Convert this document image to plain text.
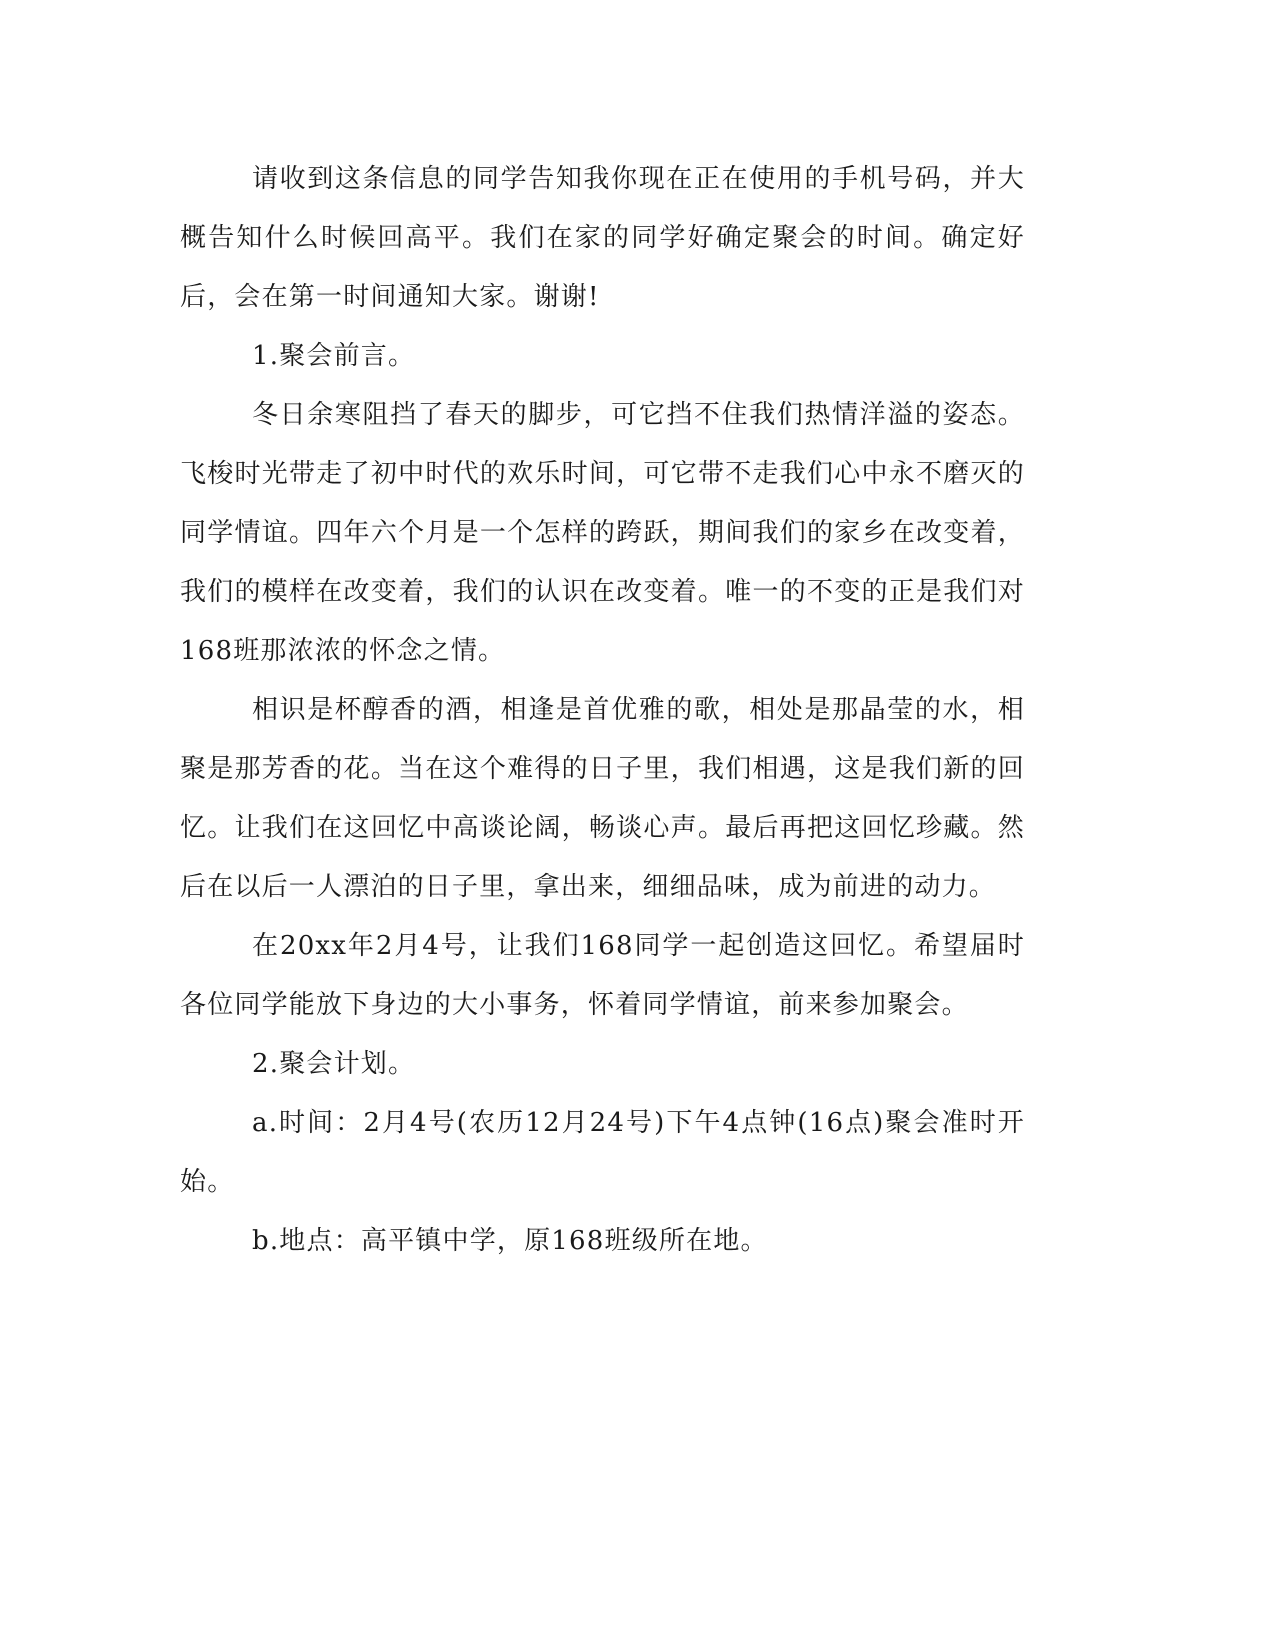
请收到这条信息的同学告知我你现在正在使用的手机号码，并大概告知什么时候回高平。我们在家的同学好确定聚会的时间。确定好后，会在第一时间通知大家。谢谢!

1.聚会前言。

冬日余寒阻挡了春天的脚步，可它挡不住我们热情洋溢的姿态。飞梭时光带走了初中时代的欢乐时间，可它带不走我们心中永不磨灭的同学情谊。四年六个月是一个怎样的跨跃，期间我们的家乡在改变着，我们的模样在改变着，我们的认识在改变着。唯一的不变的正是我们对168班那浓浓的怀念之情。

相识是杯醇香的酒，相逢是首优雅的歌，相处是那晶莹的水，相聚是那芳香的花。当在这个难得的日子里，我们相遇，这是我们新的回忆。让我们在这回忆中高谈论阔，畅谈心声。最后再把这回忆珍藏。然后在以后一人漂泊的日子里，拿出来，细细品味，成为前进的动力。

在20xx年2月4号，让我们168同学一起创造这回忆。希望届时各位同学能放下身边的大小事务，怀着同学情谊，前来参加聚会。

2.聚会计划。

a.时间：2月4号(农历12月24号)下午4点钟(16点)聚会准时开始。

b.地点：高平镇中学，原168班级所在地。
